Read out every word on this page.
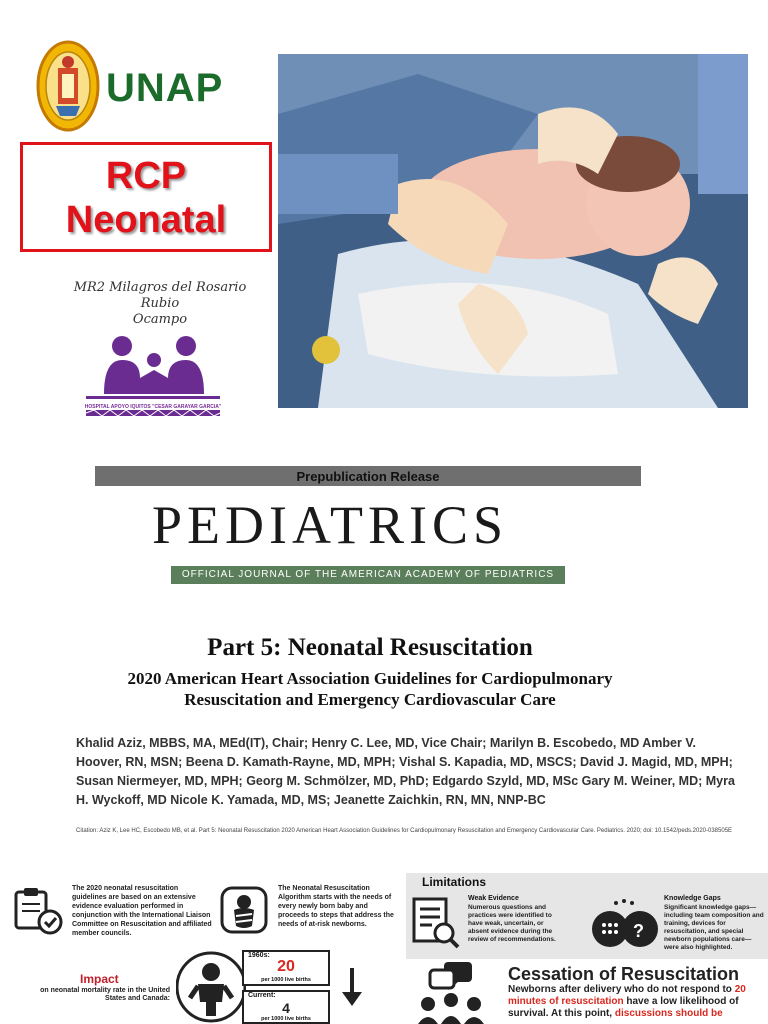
UNAP
RCP
Neonatal
MR2 Milagros del Rosario Rubio
Ocampo
HOSPITAL APOYO IQUITOS "CESAR GARAYAR GARCIA"
Prepublication Release
PEDIATRICS
OFFICIAL JOURNAL OF THE AMERICAN ACADEMY OF PEDIATRICS
Part 5: Neonatal Resuscitation
2020 American Heart Association Guidelines for Cardiopulmonary Resuscitation and Emergency Cardiovascular Care
Khalid Aziz, MBBS, MA, MEd(IT), Chair; Henry C. Lee, MD, Vice Chair; Marilyn B. Escobedo, MD Amber V. Hoover, RN, MSN; Beena D. Kamath-Rayne, MD, MPH; Vishal S. Kapadia, MD, MSCS; David J. Magid, MD, MPH; Susan Niermeyer, MD, MPH; Georg M. Schmölzer, MD, PhD; Edgardo Szyld, MD, MSc Gary M. Weiner, MD; Myra H. Wyckoff, MD Nicole K. Yamada, MD, MS; Jeanette Zaichkin, RN, MN, NNP-BC
Citation: Aziz K, Lee HC, Escobedo MB, et al. Part 5: Neonatal Resuscitation 2020 American Heart Association Guidelines for Cardiopulmonary Resuscitation and Emergency Cardiovascular Care. Pediatrics. 2020; doi: 10.1542/peds.2020-038505E
The 2020 neonatal resuscitation guidelines are based on an extensive evidence evaluation performed in conjunction with the International Liaison Committee on Resuscitation and affiliated member councils.
The Neonatal Resuscitation Algorithm starts with the needs of every newly born baby and proceeds to steps that address the needs of at-risk newborns.
Limitations
Weak Evidence
Numerous questions and practices were identified to have weak, uncertain, or absent evidence during the review of recommendations.	?
Knowledge Gaps
Significant knowledge gaps—including team composition and training, devices for resuscitation, and special newborn populations care—were also highlighted.
Impact
on neonatal mortality rate in the United States and Canada:
1960s:
20
per 1000 live births
Current:
4
per 1000 live births
Cessation of Resuscitation
Newborns after delivery who do not respond to 20 minutes of resuscitation have a low likelihood of survival. At this point, discussions should be
